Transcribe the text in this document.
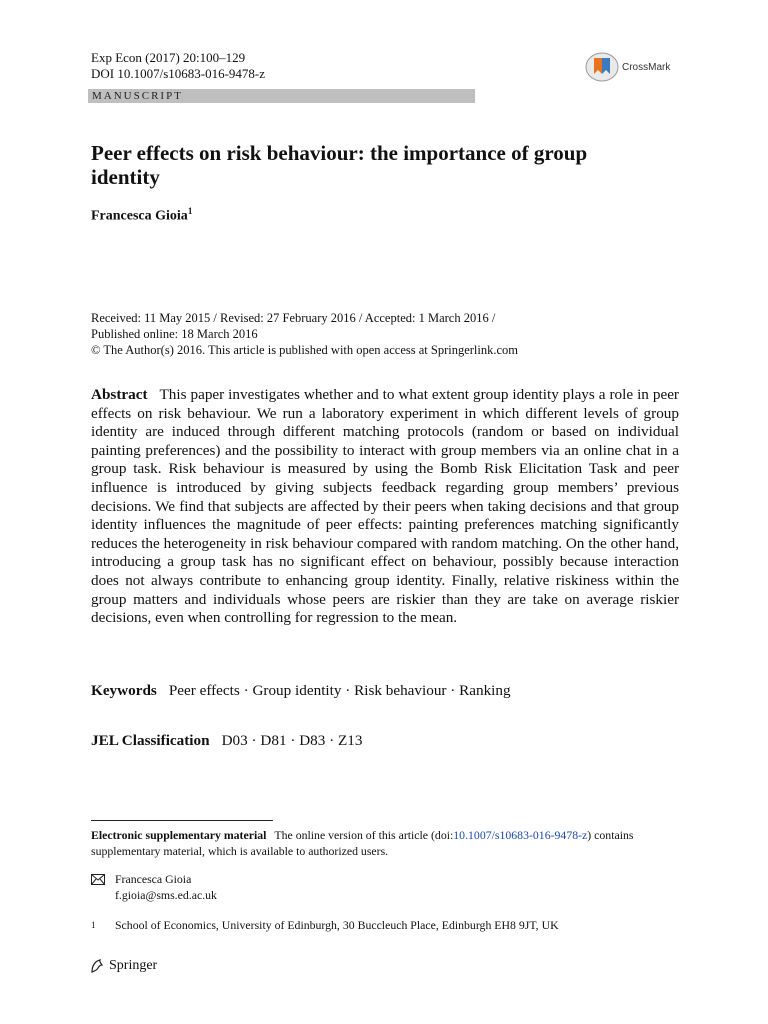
Exp Econ (2017) 20:100–129
DOI 10.1007/s10683-016-9478-z	CrossMark
MANUSCRIPT
Peer effects on risk behaviour: the importance of group identity
Francesca Gioia$^1$
Received: 11 May 2015 / Revised: 27 February 2016 / Accepted: 1 March 2016 /
Published online: 18 March 2016
© The Author(s) 2016. This article is published with open access at Springerlink.com
Abstract This paper investigates whether and to what extent group identity plays a role in peer effects on risk behaviour. We run a laboratory experiment in which different levels of group identity are induced through different matching protocols (random or based on individual painting preferences) and the possibility to interact with group members via an online chat in a group task. Risk behaviour is measured by using the Bomb Risk Elicitation Task and peer influence is introduced by giving subjects feedback regarding group members’ previous decisions. We find that subjects are affected by their peers when taking decisions and that group identity influences the magnitude of peer effects: painting preferences matching significantly reduces the heterogeneity in risk behaviour compared with random matching. On the other hand, introducing a group task has no significant effect on behaviour, possibly because interaction does not always contribute to enhancing group identity. Finally, relative riskiness within the group matters and individuals whose peers are riskier than they are take on average riskier decisions, even when controlling for regression to the mean.
Keywords Peer effects · Group identity · Risk behaviour · Ranking
JEL Classification D03 · D81 · D83 · Z13
Electronic supplementary material The online version of this article (doi:10.1007/s10683-016-9478-z) contains supplementary material, which is available to authorized users.
Francesca Gioia
f.gioia@sms.ed.ac.uk
1	School of Economics, University of Edinburgh, 30 Buccleuch Place, Edinburgh EH8 9JT, UK
Springer
